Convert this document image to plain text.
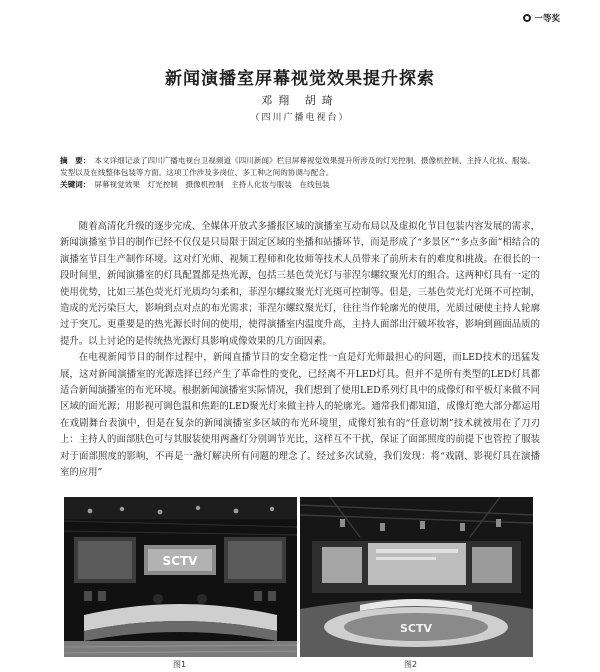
一等奖
新闻演播室屏幕视觉效果提升探索
邓翔 胡琦
（四川广播电视台）

摘　要： 本文详细记录了四川广播电视台卫视频道《四川新闻》栏目屏幕视觉效果提升所涉及的灯光控制、摄像机控制、主持人化妆、服装、发型以及在线整体包装等方面。这项工作涉及多岗位、多工种之间的协调与配合。

关键词： 屏幕视觉效果　灯光控制　摄像机控制　主持人化妆与服装　在线包装

随着高清化升级的逐步完成、全媒体开放式多播报区域的演播室互动布局以及虚拟化节目包装内容发展的需求，新闻演播室节目的制作已经不仅仅是只局限于固定区域的坐播和站播环节，而是形成了“多景区”“多点多面”相结合的演播室节目生产制作环境。这对灯光师、视频工程师和化妆师等技术人员带来了前所未有的难度和挑战。在很长的一段时间里，新闻演播室的灯具配置都是热光源，包括三基色荧光灯与菲涅尔螺纹聚光灯的组合。这两种灯具有一定的使用优势，比如三基色荧光灯光质均匀柔和，菲涅尔螺纹聚光灯光斑可控制等。但是，三基色荧光灯光斑不可控制，造成的光污染巨大，影响到点对点的布光需求；菲涅尔螺纹聚光灯，往往当作轮廓光的使用，光质过硬使主持人轮廓过于突兀。更重要是的热光源长时间的使用，使得演播室内温度升高，主持人面部出汗破坏妆容，影响到画面品质的提升。以上讨论的是传统热光源灯具影响成像效果的几方面因素。

在电视新闻节目的制作过程中，新闻直播节目的安全稳定性一直是灯光师最担心的问题，而LED技术的迅猛发展，这对新闻演播室的光源选择已经产生了革命性的变化，已经离不开LED灯具。但并不是所有类型的LED灯具都适合新闻演播室的布光环境。根据新闻演播室实际情况，我们想到了使用LED系列灯具中的成像灯和平板灯来做不同区域的面光源；用影视可调色温和焦距的LED聚光灯来做主持人的轮廓光。通常我们都知道，成像灯绝大部分都运用在戏剧舞台表演中，但是在复杂的新闻演播室多区域的布光环境里，成像灯独有的“任意切割”技术就被用在了刀刃上：主持人的面部肤色可与其服装使用两盏灯分别调节光比，这样互不干扰，保证了面部照度的前提下也管控了服装对于面部照度的影响，不再是一盏灯解决所有问题的理念了。经过多次试验，我们发现：将“戏剧、影视灯具在演播室的应用”

SCTV
图1
SCTV
图2
